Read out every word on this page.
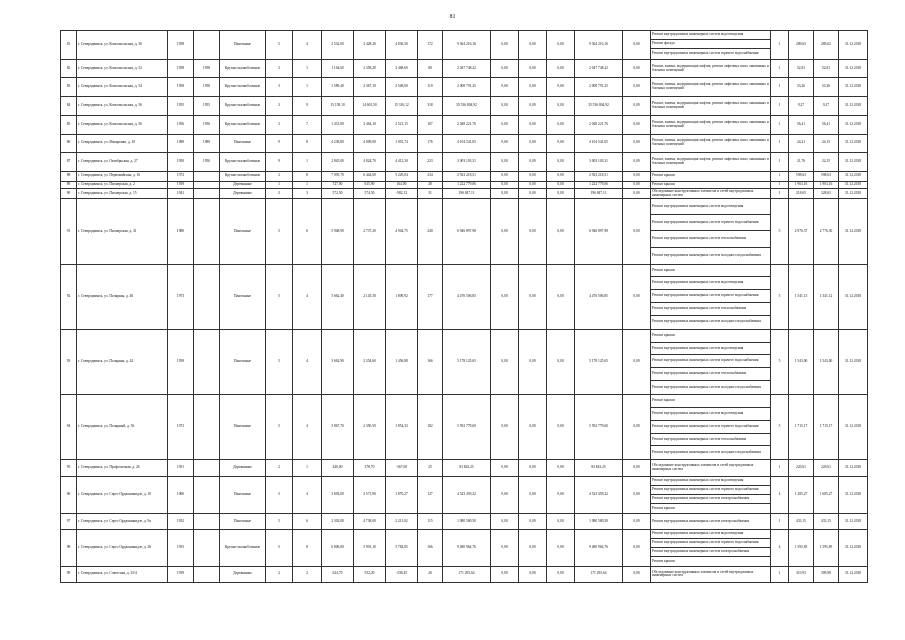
81
81	г. Северодвинск, ул. Комсомольская, д. 36	1958		Панельные	5	4	2 532,00	2 428,20	4 836,50	172	9 364 216,16	0,00	0,00	0,00	9 364 216,16	0,00	Ремонт внутридомовых инженерных систем водоотведения
Ремонт фасада
Ремонт внутридомовых инженерных систем горячего водоснабжения	1	289,63	289,62	31.12.2018
82	г. Северодвинск, ул. Комсомольская, д. 52	1958	1958	Крупно-шлакоблочные	3	1	1 164,60	2 358,20	2 468,60	80	2 047 748,22	0,00	0,00	0,00	2 047 748,22	0,00	Ремонт, замена, модернизация лифтов, ремонт лифтовых шахт, машинных и блочных помещений	1	52,81	52,81	31.12.2018
83	г. Северодвинск, ул. Комсомольская, д. 54	1958	1958	Крупно-шлакоблочные	3	1	1 589,40	2 367,10	2 548,00	119	2 008 791,25	0,00	0,00	0,00	2 008 791,25	0,00	Ремонт, замена, модернизация лифтов, ремонт лифтовых шахт, машинных и блочных помещений	1	53,26	53,26	31.12.2018
84	г. Северодвинск, ул. Комсомольская, д. 56	1955	1955	Крупно-шлакоблочные	3	9	15 158,10	14 601,50	15 316,12	318	35 536 804,92	0,00	0,00	0,00	35 536 804,92	0,00	Ремонт, замена, модернизация лифтов, ремонт лифтовых шахт, машинных и блочных помещений	1	9,27	9,27	31.12.2018
85	г. Северодвинск, ул. Комсомольская, д. 56	1956	1956	Крупно-шлакоблочные	3	7	1 431,80	2 464,10	2 521,15	107	2 048 221,76	0,00	0,00	0,00	2 048 221,76	0,00	Ремонт, замена, модернизация лифтов, ремонт лифтовых шахт, машинных и блочных помещений	1	56,41	56,41	31.12.2018
86	г. Северодвинск, ул. Макаренко, д. 10	1989	1989	Панельные	9	8	4 238,80	4 009,00	1 001,74	176	4 104 541,05	0,00	0,00	0,00	4 104 541,05	0,00	Ремонт, замена, модернизация лифтов, ремонт лифтовых шахт, машинных и блочных помещений	1	24,21	24,15	31.12.2018
87	г. Северодвинск, ул. Октябрьская, д. 27	1950	1950	Крупно-шлакоблочные	9	1	2 845,00	4 824,70	4 412,30	223	3 003 103,31	0,00	0,00	0,00	3 003 103,31	0,00	Ремонт, замена, модернизация лифтов, ремонт лифтовых шахт, машинных и блочных помещений	1	21,76	22,15	31.12.2018
88	г. Северодвинск, ул. Первомайская, д. 16	1972		Крупно-шлакоблочные	2	8	7 095,70	6 444,00	5 229,04	234	2 923 218,51	0,00	0,00	0,00	2 923 218,51	0,00	Ремонт крыши	1	598,63	598,63	31.12.2018
89	г. Северодвинск, ул. Пионерская, д. 2	1939		Деревянные	1	1	727,00	615,90	164,00	28	1 222 779,06	0,00	0,00	0,00	1 222 779,06	0,00	Ремонт крыши	1	1 963,16	1 963,16	31.12.2018
90	г. Северодвинск, ул. Пионерская, д. 15	1941		Деревянные	2	3	572,50	574,50	-582,12	31	196 847,11	0,00	0,00	0,00	196 847,11	0,00	Обследование конструктивных элементов и сетей внутридомовых инженерных систем	1	218,65	328,63	31.12.2018
91	г. Северодвинск, ул. Пионерская, д. 41	1980		Панельные	5	6	5 948,90	2 737,20	4 944,75	240	6 946 897,98	0,00	0,00	0,00	6 946 897,98	0,00	Ремонт внутридомовых инженерных систем водоотведения
Ремонт внутридомовых инженерных систем горячего водоснабжения
Ремонт внутридомовых инженерных систем теплоснабжения
Ремонт внутридомовых инженерных систем холодного водоснабжения	5	2 976,37	2 776,30	31.12.2018
92	г. Северодвинск, ул. Полярная, д. 40	1973		Панельные	5	4	5 662,40	2 145,30	1 809,92	177	4 476 506,85	0,00	0,00	0,00	4 476 506,85	0,00	Ремонт крыши
Ремонт внутридомовых инженерных систем водоотведения
Ремонт внутридомовых инженерных систем горячего водоснабжения
Ремонт внутридомовых инженерных систем теплоснабжения
Ремонт внутридомовых инженерных систем холодного водоснабжения	5	1 541,13	1 541,12	31.12.2018
93	г. Северодвинск, ул. Полярная, д. 42	1959		Панельные	5	4	3 662,90	2 354,60	1 456,88	166	5 178 125,65	0,00	0,00	0,00	5 178 125,65	0,00	Ремонт крыши
Ремонт внутридомовых инженерных систем водоотведения
Ремонт внутридомовых инженерных систем горячего водоснабжения
Ремонт внутридомовых инженерных систем теплоснабжения
Ремонт внутридомовых инженерных систем холодного водоснабжения	5	1 543,00	1 543,00	31.12.2018
94	г. Северодвинск, ул. Полярный, д. 56	1972		Панельные	5	4	3 867,70	2 350,50	1 854,33	182	5 592 779,60	0,00	0,00	0,00	5 592 779,60	0,00	Ремонт крыши
Ремонт внутридомовых инженерных систем водоотведения
Ремонт внутридомовых инженерных систем горячего водоснабжения
Ремонт внутридомовых инженерных систем теплоснабжения
Ремонт внутридомовых инженерных систем холодного водоснабжения	5	1 715,17	1 715,17	31.12.2018
95	г. Северодвинск, ул. Профсоюзная, д. 26	1951		Деревянные	2	1	440,00	378,70	-367,00	25	83 843,25	0,00	0,00	0,00	83 843,25	0,00	Обследование конструктивных элементов и сетей внутридомовых инженерных систем	1	220,61	220,61	31.12.2018
96	г. Северодвинск, ул. Серго Орджоникидзе, д. 10	1960		Панельные	5	4	3 692,00	2 571,90	1 870,27	127	4 523 459,22	0,00	0,00	0,00	4 523 459,22	0,00	Ремонт внутридомовых инженерных систем водоотведения
Ремонт внутридомовых инженерных систем горячего водоснабжения
Ремонт внутридомовых инженерных систем электроснабжения
Ремонт крыши	4	1 285,27	1 685,27	31.12.2018
97	г. Северодвинск, ул. Серго Орджоникидзе, д. 9а	1952		Панельные	5	6	2 302,00	4 738,00	2 211,02	115	1 080 580,50	0,00	0,00	0,00	1 080 580,50	0,00	Ремонт внутридомовых инженерных систем электроснабжения	1	433,15	433,15	31.12.2018
98	г. Северодвинск, ул. Серго Орджоникидзе, д. 36	1953		Крупно-шлакоблочные	5	8	6 806,00	5 901,10	5 782,85	166	9 480 964,76	0,00	0,00	0,00	9 480 964,76	0,00	Ремонт внутридомовых инженерных систем водоотведения
Ремонт внутридомовых инженерных систем горячего водоснабжения
Ремонт внутридомовых инженерных систем электроснабжения
Ремонт крыши	4	1 595,85	1 595,85	31.12.2018
99	г. Северодвинск, ул. Советская, д. 33/4	1939		Деревянные	2	2	624,70	552,20	-338,45	26	171 293,64	0,00	0,00	0,00	171 293,64	0,00	Обследование конструктивных элементов и сетей внутридомовых инженерных систем	1	310,93	309,98	31.12.2018
